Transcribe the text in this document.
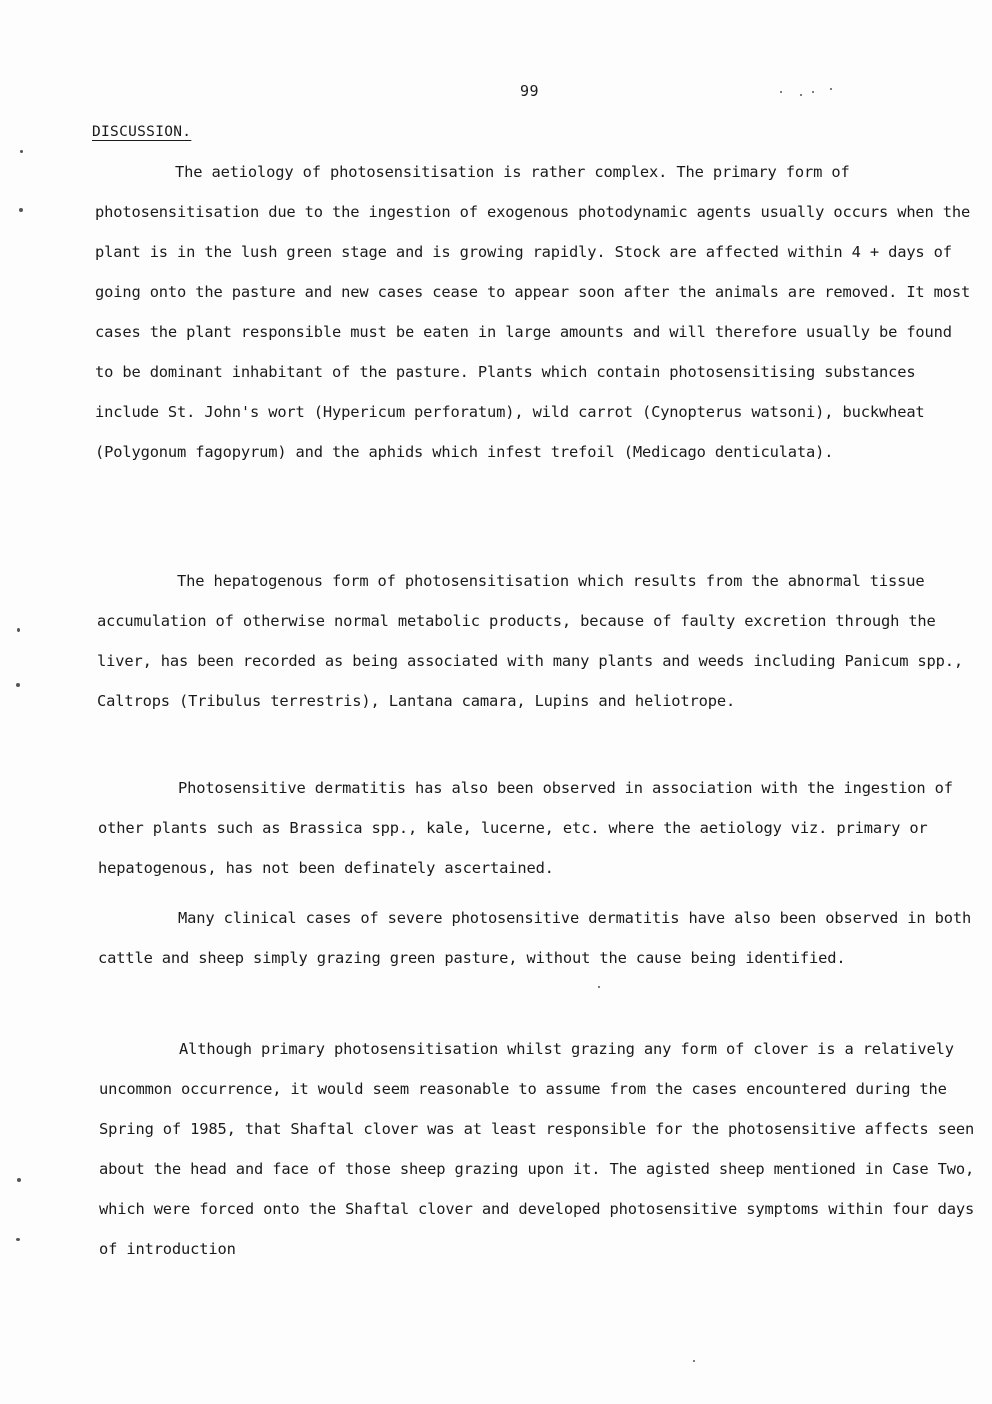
99
DISCUSSION.

The aetiology of photosensitisation is rather complex. The primary form of photosensitisation due to the ingestion of exogenous photodynamic agents usually occurs when the plant is in the lush green stage and is growing rapidly. Stock are affected within 4 + days of going onto the pasture and new cases cease to appear soon after the animals are removed. It most cases the plant responsible must be eaten in large amounts and will therefore usually be found to be dominant inhabitant of the pasture. Plants which contain photosensitising substances include St. John's wort (Hypericum perforatum), wild carrot (Cynopterus watsoni), buckwheat (Polygonum fagopyrum) and the aphids which infest trefoil (Medicago denticulata).

The hepatogenous form of photosensitisation which results from the abnormal tissue accumulation of otherwise normal metabolic products, because of faulty excretion through the liver, has been recorded as being associated with many plants and weeds including Panicum spp., Caltrops (Tribulus terrestris), Lantana camara, Lupins and heliotrope.

Photosensitive dermatitis has also been observed in association with the ingestion of other plants such as Brassica spp., kale, lucerne, etc. where the aetiology viz. primary or hepatogenous, has not been definately ascertained.

Many clinical cases of severe photosensitive dermatitis have also been observed in both cattle and sheep simply grazing green pasture, without the cause being identified.

Although primary photosensitisation whilst grazing any form of clover is a relatively uncommon occurrence, it would seem reasonable to assume from the cases encountered during the Spring of 1985, that Shaftal clover was at least responsible for the photosensitive affects seen about the head and face of those sheep grazing upon it. The agisted sheep mentioned in Case Two, which were forced onto the Shaftal clover and developed photosensitive symptoms within four days of introduction
